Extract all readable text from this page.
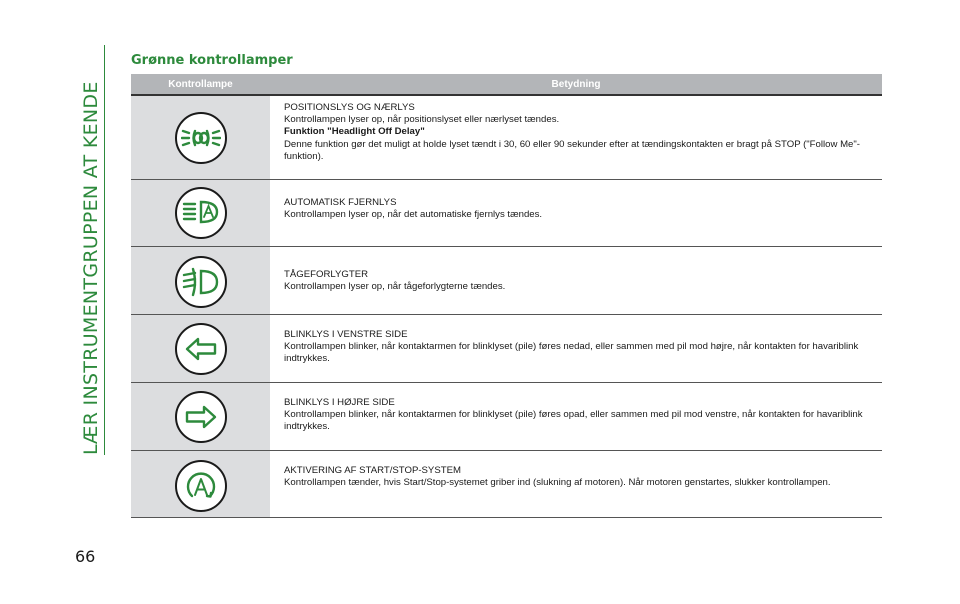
LÆR INSTRUMENTGRUPPEN AT KENDE
66
Grønne kontrollamper
Kontrollampe	Betydning
POSITIONSLYS OG NÆRLYS
Kontrollampen lyser op, når positionslyset eller nærlyset tændes.
Funktion "Headlight Off Delay"
Denne funktion gør det muligt at holde lyset tændt i 30, 60 eller 90 sekunder efter at tændingskontakten er bragt på STOP ("Follow Me"-funktion).
AUTOMATISK FJERNLYS
Kontrollampen lyser op, når det automatiske fjernlys tændes.
TÅGEFORLYGTER
Kontrollampen lyser op, når tågeforlygterne tændes.
BLINKLYS I VENSTRE SIDE
Kontrollampen blinker, når kontaktarmen for blinklyset (pile) føres nedad, eller sammen med pil mod højre, når kontakten for havariblink indtrykkes.
BLINKLYS I HØJRE SIDE
Kontrollampen blinker, når kontaktarmen for blinklyset (pile) føres opad, eller sammen med pil mod venstre, når kontakten for havariblink indtrykkes.
AKTIVERING AF START/STOP-SYSTEM
Kontrollampen tænder, hvis Start/Stop-systemet griber ind (slukning af motoren). Når motoren genstartes, slukker kontrollampen.
